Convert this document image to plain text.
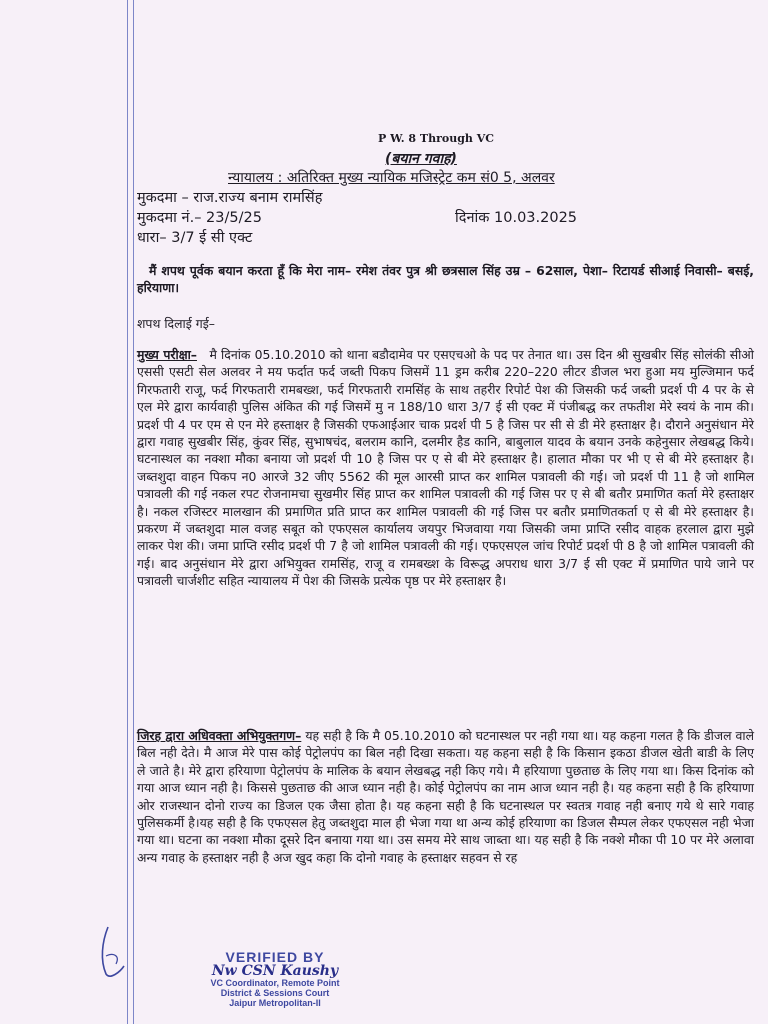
P W. 8 Through VC
(बयान गवाह)
न्यायालय : अतिरिक्त मुख्य न्यायिक मजिस्ट्रेट कम सं0 5, अलवर
मुकदमा – राज.राज्य बनाम रामसिंह
मुकदमा नं.– 23/5/25	दिनांक 10.03.2025
धारा– 3/7 ई सी एक्ट
मैं शपथ पूर्वक बयान करता हूँ कि मेरा नाम– रमेश तंवर पुत्र श्री छत्रसाल सिंह उम्र – 62साल, पेशा– रिटायर्ड सीआई निवासी– बसई, हरियाणा।
शपथ दिलाई गई–
मुख्य परीक्षा– मै दिनांक 05.10.2010 को थाना बडौदामेव पर एसएचओ के पद पर तेनात था। उस दिन श्री सुखबीर सिंह सोलंकी सीओ एससी एसटी सेल अलवर ने मय फर्दात फर्द जब्ती पिकप जिसमें 11 ड्रम करीब 220–220 लीटर डीजल भरा हुआ मय मुल्जिमान फर्द गिरफतारी राजू, फर्द गिरफतारी रामबख्श, फर्द गिरफतारी रामसिंह के साथ तहरीर रिपोर्ट पेश की जिसकी फर्द जब्ती प्रदर्श पी 4 पर के से एल मेरे द्वारा कार्यवाही पुलिस अंकित की गई जिसमें मु न 188/10 धारा 3/7 ई सी एक्ट में पंजीबद्ध कर तफतीश मेरे स्वयं के नाम की। प्रदर्श पी 4 पर एम से एन मेरे हस्ताक्षर है जिसकी एफआईआर चाक प्रदर्श पी 5 है जिस पर सी से डी मेरे हस्ताक्षर है। दौराने अनुसंधान मेरे द्वारा गवाह सुखबीर सिंह, कुंवर सिंह, सुभाषचंद, बलराम कानि, दलमीर हैड कानि, बाबुलाल यादव के बयान उनके कहेनुसार लेखबद्ध किये। घटनास्थल का नक्शा मौका बनाया जो प्रदर्श पी 10 है जिस पर ए से बी मेरे हस्ताक्षर है। हालात मौका पर भी ए से बी मेरे हस्ताक्षर है। जब्तशुदा वाहन पिकप न0 आरजे 32 जीए 5562 की मूल आरसी प्राप्त कर शामिल पत्रावली की गई। जो प्रदर्श पी 11 है जो शामिल पत्रावली की गई नकल रपट रोजनामचा सुखमीर सिंह प्राप्त कर शामिल पत्रावली की गई जिस पर ए से बी बतौर प्रमाणित कर्ता मेरे हस्ताक्षर है। नकल रजिस्टर मालखान की प्रमाणित प्रति प्राप्त कर शामिल पत्रावली की गई जिस पर बतौर प्रमाणितकर्ता ए से बी मेरे हस्ताक्षर है। प्रकरण में जब्तशुदा माल वजह सबूत को एफएसल कार्यालय जयपुर भिजवाया गया जिसकी जमा प्राप्ति रसीद वाहक हरलाल द्वारा मुझे लाकर पेश की। जमा प्राप्ति रसीद प्रदर्श पी 7 है जो शामिल पत्रावली की गई। एफएसएल जांच रिपोर्ट प्रदर्श पी 8 है जो शामिल पत्रावली की गई। बाद अनुसंधान मेरे द्वारा अभियुक्त रामसिंह, राजू व रामबख्श के विरूद्ध अपराध धारा 3/7 ई सी एक्ट में प्रमाणित पाये जाने पर पत्रावली चार्जशीट सहित न्यायालय में पेश की जिसके प्रत्येक पृष्ठ पर मेरे हस्ताक्षर है।
जिरह द्वारा अधिवक्ता अभियुक्तगण– यह सही है कि मै 05.10.2010 को घटनास्थल पर नही गया था। यह कहना गलत है कि डीजल वाले बिल नही देते। मै आज मेरे पास कोई पेट्रोलपंप का बिल नही दिखा सकता। यह कहना सही है कि किसान इकठा डीजल खेती बाडी के लिए ले जाते है। मेरे द्वारा हरियाणा पेट्रोलपंप के मालिक के बयान लेखबद्ध नही किए गये। मै हरियाणा पुछताछ के लिए गया था। किस दिनांक को गया आज ध्यान नही है। किससे पुछताछ की आज ध्यान नही है। कोई पेट्रोलपंप का नाम आज ध्यान नही है। यह कहना सही है कि हरियाणा ओर राजस्थान दोनो राज्य का डिजल एक जैसा होता है। यह कहना सही है कि घटनास्थल पर स्वतत्र गवाह नही बनाए गये थे सारे गवाह पुलिसकर्मी है।यह सही है कि एफएसल हेतु जब्तशुदा माल ही भेजा गया था अन्य कोई हरियाणा का डिजल सैम्पल लेकर एफएसल नही भेजा गया था। घटना का नक्शा मौका दूसरे दिन बनाया गया था। उस समय मेरे साथ जाब्ता था। यह सही है कि नक्शे मौका पी 10 पर मेरे अलावा अन्य गवाह के हस्ताक्षर नही है अज खुद कहा कि दोनो गवाह के हस्ताक्षर सहवन से रह
VERIFIED BY
Nw CSN Kaushy
VC Coordinator, Remote Point
District & Sessions Court
Jaipur Metropolitan-II
